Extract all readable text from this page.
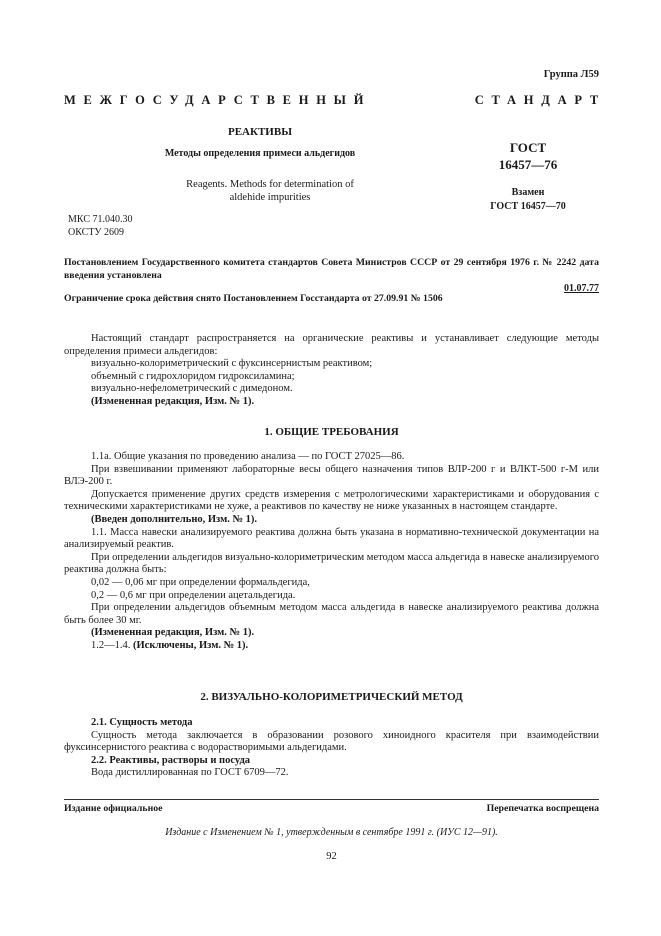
Группа Л59
МЕЖГОСУДАРСТВЕННЫЙ	СТАНДАРТ
РЕАКТИВЫ
Методы определения примеси альдегидов	ГОСТ
16457—76
Reagents. Methods for determination of
aldehide impurities	Взамен
ГОСТ 16457—70
МКС 71.040.30
ОКСТУ 2609
Постановлением Государственного комитета стандартов Совета Министров СССР от 29 сентября 1976 г. № 2242 дата введения установлена
01.07.77
Ограничение срока действия снято Постановлением Госстандарта от 27.09.91 № 1506

Настоящий стандарт распространяется на органические реактивы и устанавливает следующие методы определения примеси альдегидов:

визуально-колориметрический с фуксинсернистым реактивом;

объемный с гидроxлоридом гидроксиламина;

визуально-нефелометрический с димедоном.

(Измененная редакция, Изм. № 1).

1. ОБЩИЕ ТРЕБОВАНИЯ

1.1а. Общие указания по проведению анализа — по ГОСТ 27025—86.

При взвешивании применяют лабораторные весы общего назначения типов ВЛР-200 г и ВЛКТ-500 г-М или ВЛЭ-200 г.

Допускается применение других средств измерения с метрологическими характеристиками и оборудования с техническими характеристиками не хуже, а реактивов по качеству не ниже указанных в настоящем стандарте.

(Введен дополнительно, Изм. № 1).

1.1. Масса навески анализируемого реактива должна быть указана в нормативно-технической документации на анализируемый реактив.

При определении альдегидов визуально-колориметрическим методом масса альдегида в навеске анализируемого реактива должна быть:

0,02 — 0,06 мг при определении формальдегида,

0,2 — 0,6 мг при определении ацетальдегида.

При определении альдегидов объемным методом масса альдегида в навеске анализируемого реактива должна быть более 30 мг.

(Измененная редакция, Изм. № 1).

1.2—1.4. (Исключены, Изм. № 1).

2. ВИЗУАЛЬНО-КОЛОРИМЕТРИЧЕСКИЙ МЕТОД

2.1. Сущность метода

Сущность метода заключается в образовании розового хиноидного красителя при взаимодействии фуксинсернистого реактива с водорастворимыми альдегидами.

2.2. Реактивы, растворы и посуда

Вода дистиллированная по ГОСТ 6709—72.

Издание официальное	Перепечатка воспрещена
Издание с Изменением № 1, утвержденным в сентябре 1991 г. (ИУС 12—91).
92
